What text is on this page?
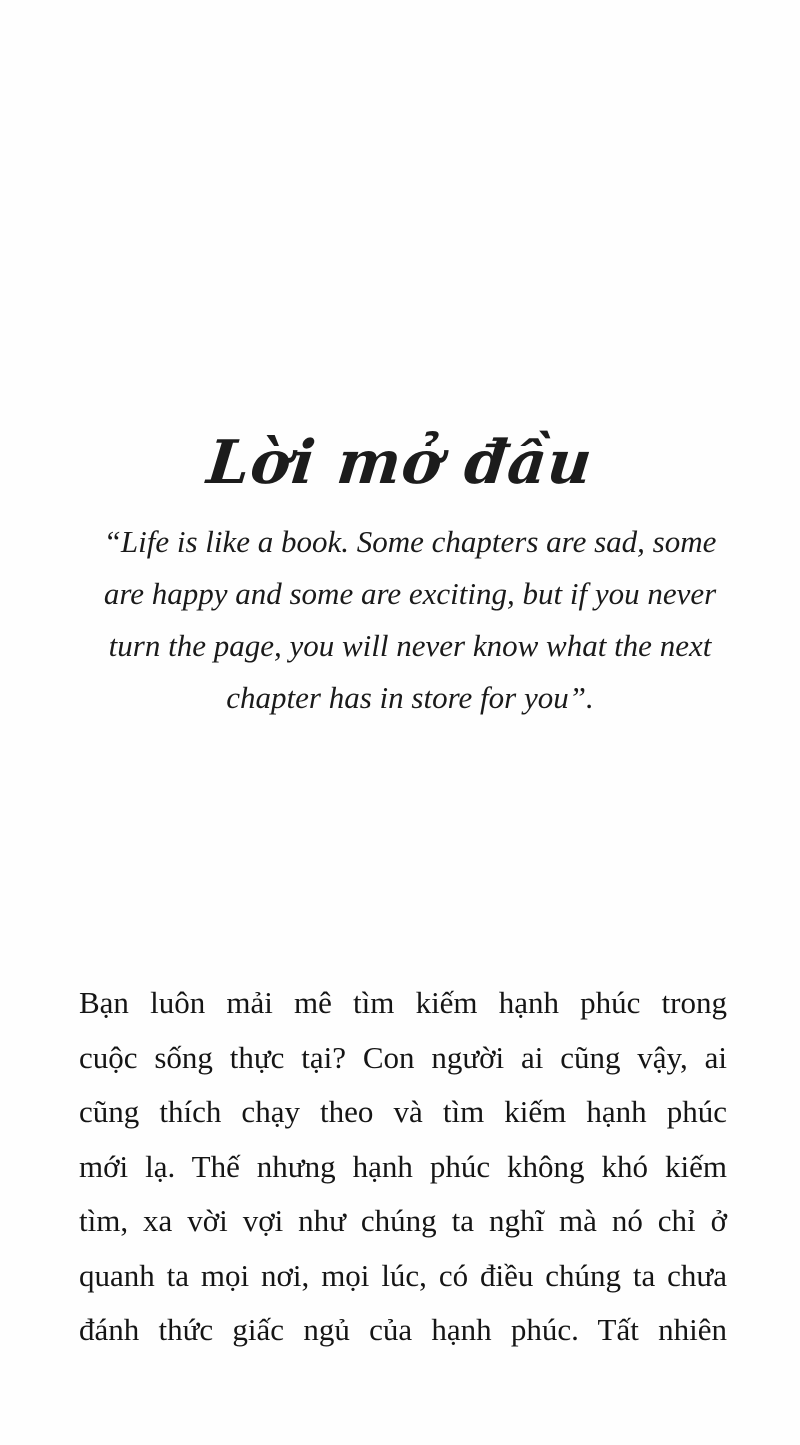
Lời mở đầu
“Life is like a book. Some chapters are sad, some
are happy and some are exciting, but if you never
turn the page, you will never know what the next
chapter has in store for you”.
Bạn luôn mải mê tìm kiếm hạnh phúc trong
cuộc sống thực tại? Con người ai cũng vậy, ai
cũng thích chạy theo và tìm kiếm hạnh phúc
mới lạ. Thế nhưng hạnh phúc không khó kiếm
tìm, xa vời vợi như chúng ta nghĩ mà nó chỉ ở
quanh ta mọi nơi, mọi lúc, có điều chúng ta chưa
đánh thức giấc ngủ của hạnh phúc. Tất nhiên
